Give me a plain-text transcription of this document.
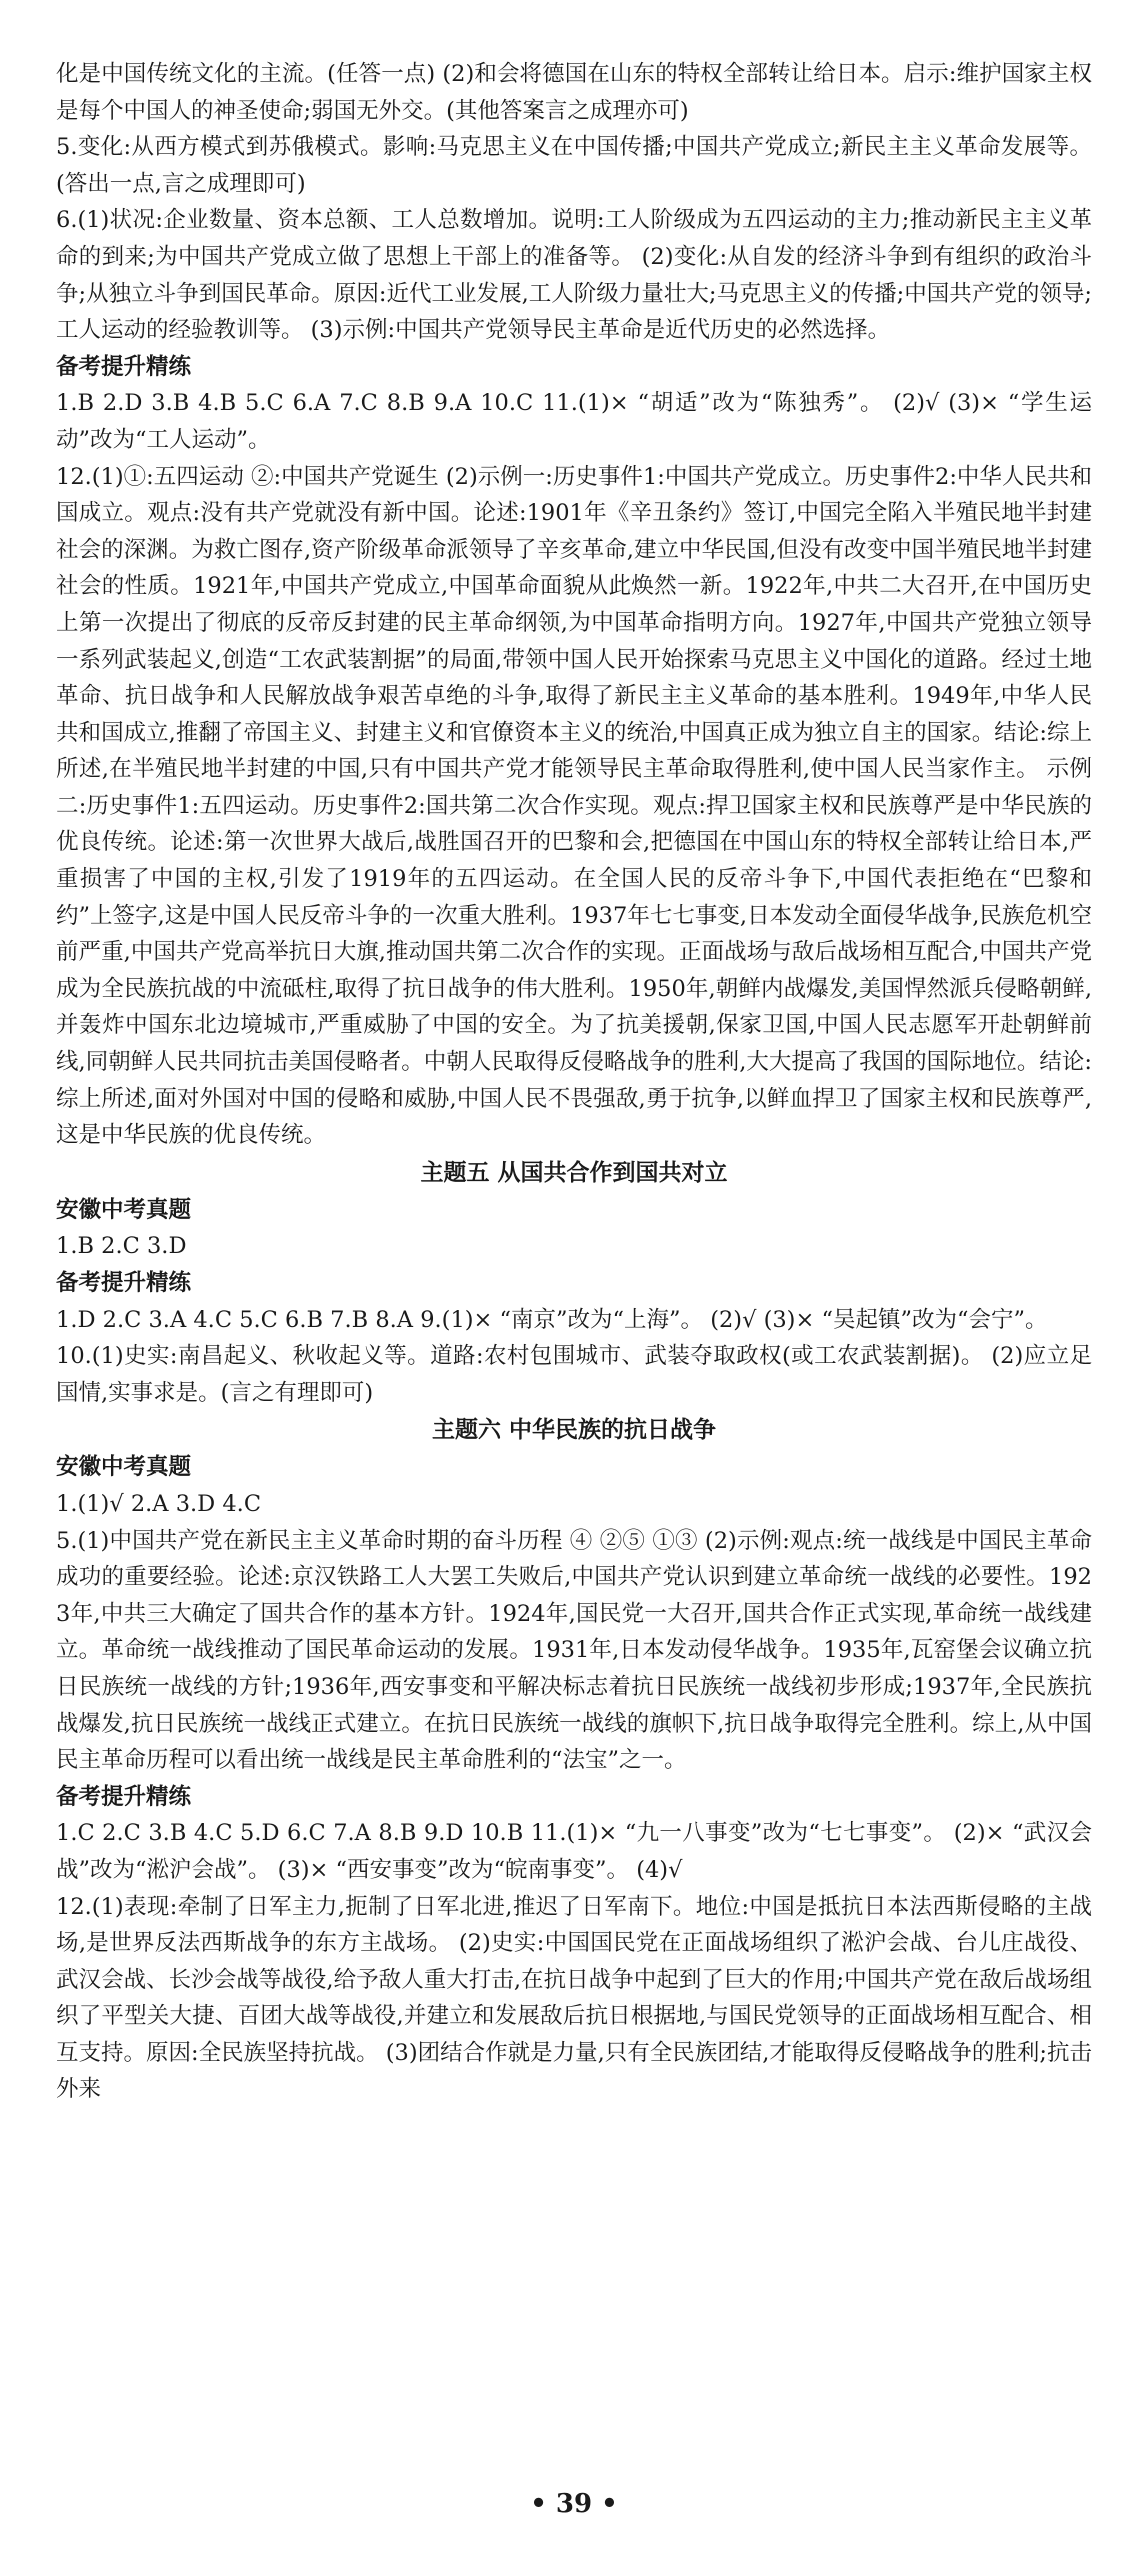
化是中国传统文化的主流。(任答一点) (2)和会将德国在山东的特权全部转让给日本。启示:维护国家主权是每个中国人的神圣使命;弱国无外交。(其他答案言之成理亦可)

5.变化:从西方模式到苏俄模式。影响:马克思主义在中国传播;中国共产党成立;新民主主义革命发展等。(答出一点,言之成理即可)

6.(1)状况:企业数量、资本总额、工人总数增加。说明:工人阶级成为五四运动的主力;推动新民主主义革命的到来;为中国共产党成立做了思想上干部上的准备等。 (2)变化:从自发的经济斗争到有组织的政治斗争;从独立斗争到国民革命。原因:近代工业发展,工人阶级力量壮大;马克思主义的传播;中国共产党的领导;工人运动的经验教训等。 (3)示例:中国共产党领导民主革命是近代历史的必然选择。

备考提升精练

1.B 2.D 3.B 4.B 5.C 6.A 7.C 8.B 9.A 10.C 11.(1)× “胡适”改为“陈独秀”。 (2)√ (3)× “学生运动”改为“工人运动”。

12.(1)①:五四运动 ②:中国共产党诞生 (2)示例一:历史事件1:中国共产党成立。历史事件2:中华人民共和国成立。观点:没有共产党就没有新中国。论述:1901年《辛丑条约》签订,中国完全陷入半殖民地半封建社会的深渊。为救亡图存,资产阶级革命派领导了辛亥革命,建立中华民国,但没有改变中国半殖民地半封建社会的性质。1921年,中国共产党成立,中国革命面貌从此焕然一新。1922年,中共二大召开,在中国历史上第一次提出了彻底的反帝反封建的民主革命纲领,为中国革命指明方向。1927年,中国共产党独立领导一系列武装起义,创造“工农武装割据”的局面,带领中国人民开始探索马克思主义中国化的道路。经过土地革命、抗日战争和人民解放战争艰苦卓绝的斗争,取得了新民主主义革命的基本胜利。1949年,中华人民共和国成立,推翻了帝国主义、封建主义和官僚资本主义的统治,中国真正成为独立自主的国家。结论:综上所述,在半殖民地半封建的中国,只有中国共产党才能领导民主革命取得胜利,使中国人民当家作主。 示例二:历史事件1:五四运动。历史事件2:国共第二次合作实现。观点:捍卫国家主权和民族尊严是中华民族的优良传统。论述:第一次世界大战后,战胜国召开的巴黎和会,把德国在中国山东的特权全部转让给日本,严重损害了中国的主权,引发了1919年的五四运动。在全国人民的反帝斗争下,中国代表拒绝在“巴黎和约”上签字,这是中国人民反帝斗争的一次重大胜利。1937年七七事变,日本发动全面侵华战争,民族危机空前严重,中国共产党高举抗日大旗,推动国共第二次合作的实现。正面战场与敌后战场相互配合,中国共产党成为全民族抗战的中流砥柱,取得了抗日战争的伟大胜利。1950年,朝鲜内战爆发,美国悍然派兵侵略朝鲜,并轰炸中国东北边境城市,严重威胁了中国的安全。为了抗美援朝,保家卫国,中国人民志愿军开赴朝鲜前线,同朝鲜人民共同抗击美国侵略者。中朝人民取得反侵略战争的胜利,大大提高了我国的国际地位。结论:综上所述,面对外国对中国的侵略和威胁,中国人民不畏强敌,勇于抗争,以鲜血捍卫了国家主权和民族尊严,这是中华民族的优良传统。

主题五 从国共合作到国共对立

安徽中考真题

1.B 2.C 3.D

备考提升精练

1.D 2.C 3.A 4.C 5.C 6.B 7.B 8.A 9.(1)× “南京”改为“上海”。 (2)√ (3)× “吴起镇”改为“会宁”。

10.(1)史实:南昌起义、秋收起义等。道路:农村包围城市、武装夺取政权(或工农武装割据)。 (2)应立足国情,实事求是。(言之有理即可)

主题六 中华民族的抗日战争

安徽中考真题

1.(1)√ 2.A 3.D 4.C

5.(1)中国共产党在新民主主义革命时期的奋斗历程 ④ ②⑤ ①③ (2)示例:观点:统一战线是中国民主革命成功的重要经验。论述:京汉铁路工人大罢工失败后,中国共产党认识到建立革命统一战线的必要性。1923年,中共三大确定了国共合作的基本方针。1924年,国民党一大召开,国共合作正式实现,革命统一战线建立。革命统一战线推动了国民革命运动的发展。1931年,日本发动侵华战争。1935年,瓦窑堡会议确立抗日民族统一战线的方针;1936年,西安事变和平解决标志着抗日民族统一战线初步形成;1937年,全民族抗战爆发,抗日民族统一战线正式建立。在抗日民族统一战线的旗帜下,抗日战争取得完全胜利。综上,从中国民主革命历程可以看出统一战线是民主革命胜利的“法宝”之一。

备考提升精练

1.C 2.C 3.B 4.C 5.D 6.C 7.A 8.B 9.D 10.B 11.(1)× “九一八事变”改为“七七事变”。 (2)× “武汉会战”改为“淞沪会战”。 (3)× “西安事变”改为“皖南事变”。 (4)√

12.(1)表现:牵制了日军主力,扼制了日军北进,推迟了日军南下。地位:中国是抵抗日本法西斯侵略的主战场,是世界反法西斯战争的东方主战场。 (2)史实:中国国民党在正面战场组织了淞沪会战、台儿庄战役、武汉会战、长沙会战等战役,给予敌人重大打击,在抗日战争中起到了巨大的作用;中国共产党在敌后战场组织了平型关大捷、百团大战等战役,并建立和发展敌后抗日根据地,与国民党领导的正面战场相互配合、相互支持。原因:全民族坚持抗战。 (3)团结合作就是力量,只有全民族团结,才能取得反侵略战争的胜利;抗击外来

• 39 •
